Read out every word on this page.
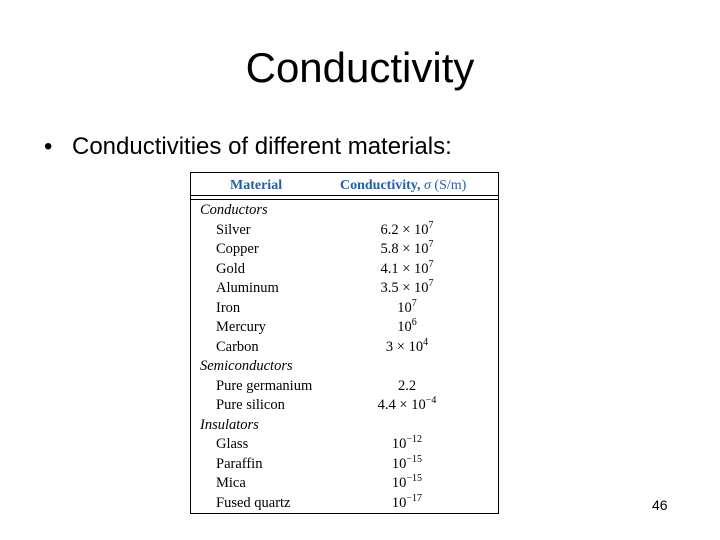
Conductivity
• Conductivities of different materials:
Material	Conductivity, σ (S/m)
Conductors
Silver	$6.2 \times 10^7$
Copper	$5.8 \times 10^7$
Gold	$4.1 \times 10^7$
Aluminum	$3.5 \times 10^7$
Iron	$10^7$
Mercury	$10^6$
Carbon	$3 \times 10^4$
Semiconductors
Pure germanium	2.2
Pure silicon	$4.4 \times 10^{-4}$
Insulators
Glass	$10^{-12}$
Paraffin	$10^{-15}$
Mica	$10^{-15}$
Fused quartz	$10^{-17}$	46
